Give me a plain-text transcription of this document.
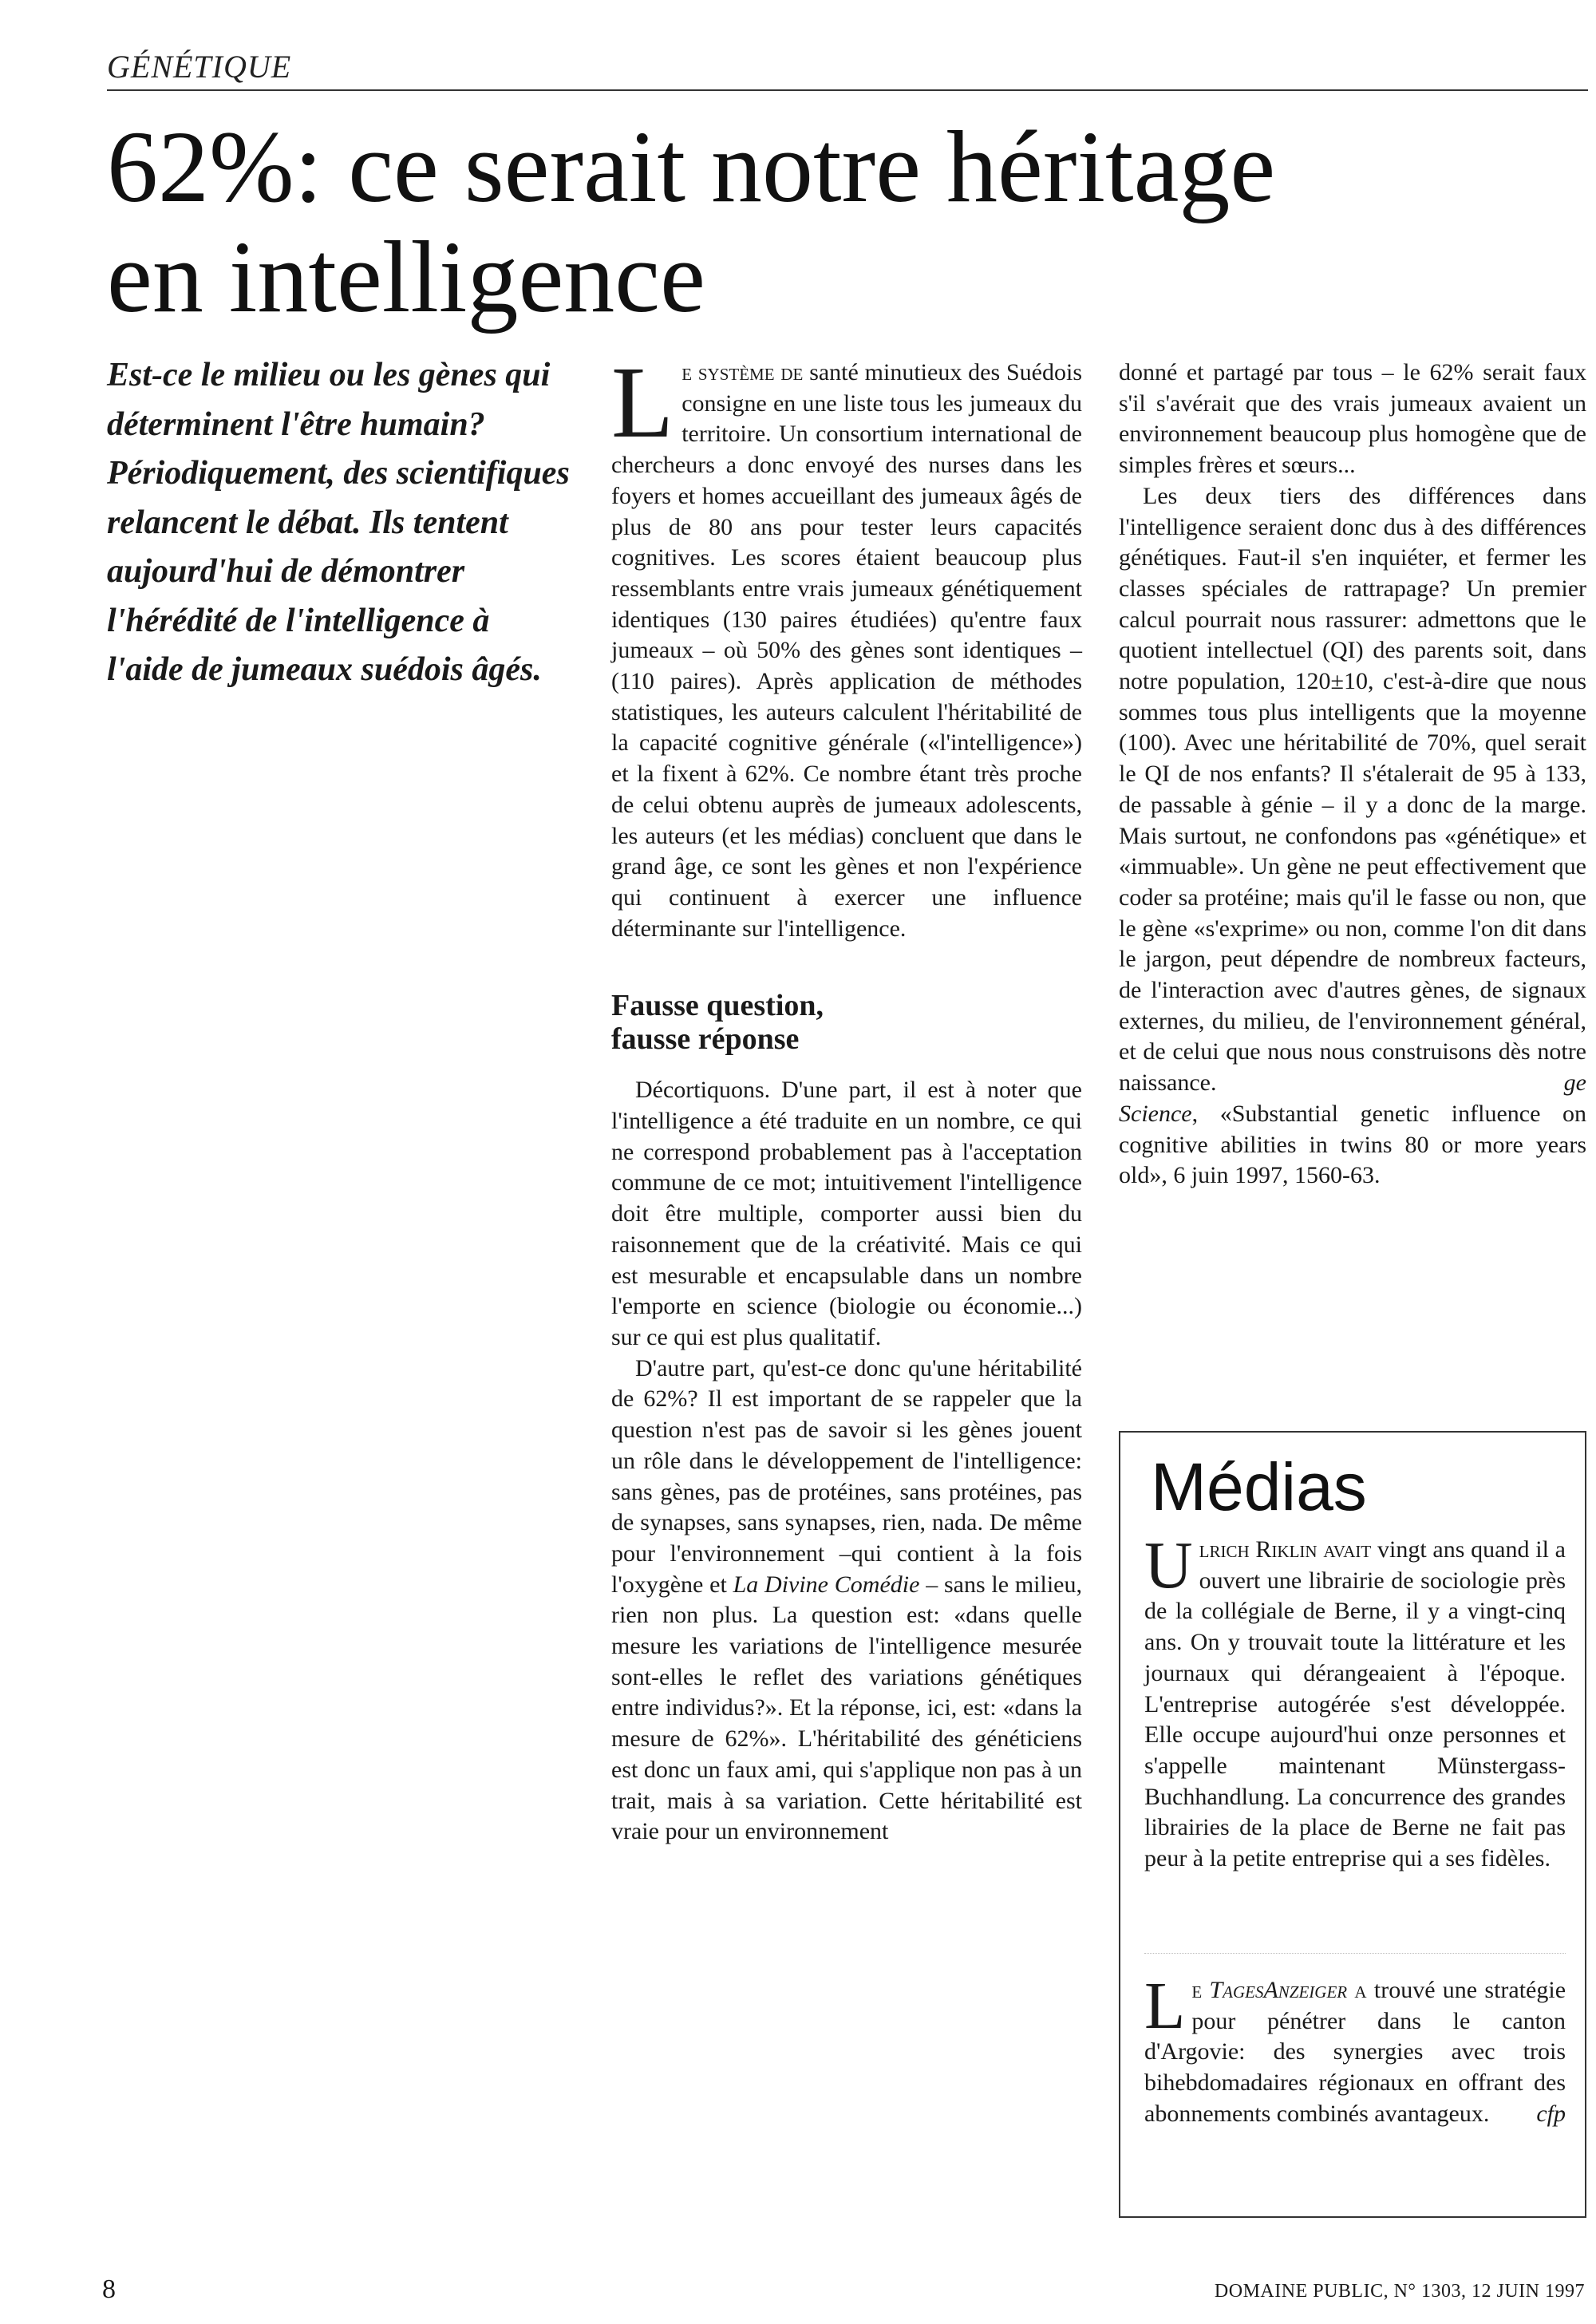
GÉNÉTIQUE
62%: ce serait notre héritage
en intelligence
Est-ce le milieu ou les gènes qui déterminent l'être humain? Périodiquement, des scientifiques relancent le débat. Ils tentent aujourd'hui de démontrer l'hérédité de l'intelligence à l'aide de jumeaux suédois âgés.

Le système de santé minutieux des Suédois consigne en une liste tous les jumeaux du territoire. Un consortium international de chercheurs a donc envoyé des nurses dans les foyers et homes accueillant des jumeaux âgés de plus de 80 ans pour tester leurs capacités cognitives. Les scores étaient beaucoup plus ressemblants entre vrais jumeaux génétiquement identiques (130 paires étudiées) qu'entre faux jumeaux – où 50% des gènes sont identiques – (110 paires). Après application de méthodes statistiques, les auteurs calculent l'héritabilité de la capacité cognitive générale («l'intelligence») et la fixent à 62%. Ce nombre étant très proche de celui obtenu auprès de jumeaux adolescents, les auteurs (et les médias) concluent que dans le grand âge, ce sont les gènes et non l'expérience qui continuent à exercer une influence déterminante sur l'intelligence.

Fausse question,
fausse réponse

Décortiquons. D'une part, il est à noter que l'intelligence a été traduite en un nombre, ce qui ne correspond probablement pas à l'acceptation commune de ce mot; intuitivement l'intelligence doit être multiple, comporter aussi bien du raisonnement que de la créativité. Mais ce qui est mesurable et encapsulable dans un nombre l'emporte en science (biologie ou économie...) sur ce qui est plus qualitatif.

D'autre part, qu'est-ce donc qu'une héritabilité de 62%? Il est important de se rappeler que la question n'est pas de savoir si les gènes jouent un rôle dans le développement de l'intelligence: sans gènes, pas de protéines, sans protéines, pas de synapses, sans synapses, rien, nada. De même pour l'environnement –qui contient à la fois l'oxygène et La Divine Comédie – sans le milieu, rien non plus. La question est: «dans quelle mesure les variations de l'intelligence mesurée sont-elles le reflet des variations génétiques entre individus?». Et la réponse, ici, est: «dans la mesure de 62%». L'héritabilité des généticiens est donc un faux ami, qui s'applique non pas à un trait, mais à sa variation. Cette héritabilité est vraie pour un environnement

donné et partagé par tous – le 62% serait faux s'il s'avérait que des vrais jumeaux avaient un environnement beaucoup plus homogène que de simples frères et sœurs...

Les deux tiers des différences dans l'intelligence seraient donc dus à des différences génétiques. Faut-il s'en inquiéter, et fermer les classes spéciales de rattrapage? Un premier calcul pourrait nous rassurer: admettons que le quotient intellectuel (QI) des parents soit, dans notre population, 120±10, c'est-à-dire que nous sommes tous plus intelligents que la moyenne (100). Avec une héritabilité de 70%, quel serait le QI de nos enfants? Il s'étalerait de 95 à 133, de passable à génie – il y a donc de la marge. Mais surtout, ne confondons pas «génétique» et «immuable». Un gène ne peut effectivement que coder sa protéine; mais qu'il le fasse ou non, que le gène «s'exprime» ou non, comme l'on dit dans le jargon, peut dépendre de nombreux facteurs, de l'interaction avec d'autres gènes, de signaux externes, du milieu, de l'environnement général, et de celui que nous nous construisons dès notre naissance.	ge

Science, «Substantial genetic influence on cognitive abilities in twins 80 or more years old», 6 juin 1997, 1560-63.

Médias

Ulrich Riklin avait vingt ans quand il a ouvert une librairie de sociologie près de la collégiale de Berne, il y a vingt-cinq ans. On y trouvait toute la littérature et les journaux qui dérangeaient à l'époque. L'entreprise autogérée s'est développée. Elle occupe aujourd'hui onze personnes et s'appelle maintenant Münstergass-Buchhandlung. La concurrence des grandes librairies de la place de Berne ne fait pas peur à la petite entreprise qui a ses fidèles.

Le TagesAnzeiger a trouvé une stratégie pour pénétrer dans le canton d'Argovie: des synergies avec trois bihebdomadaires régionaux en offrant des abonnements combinés avantageux. cfp

8	DOMAINE PUBLIC, N° 1303, 12 JUIN 1997
